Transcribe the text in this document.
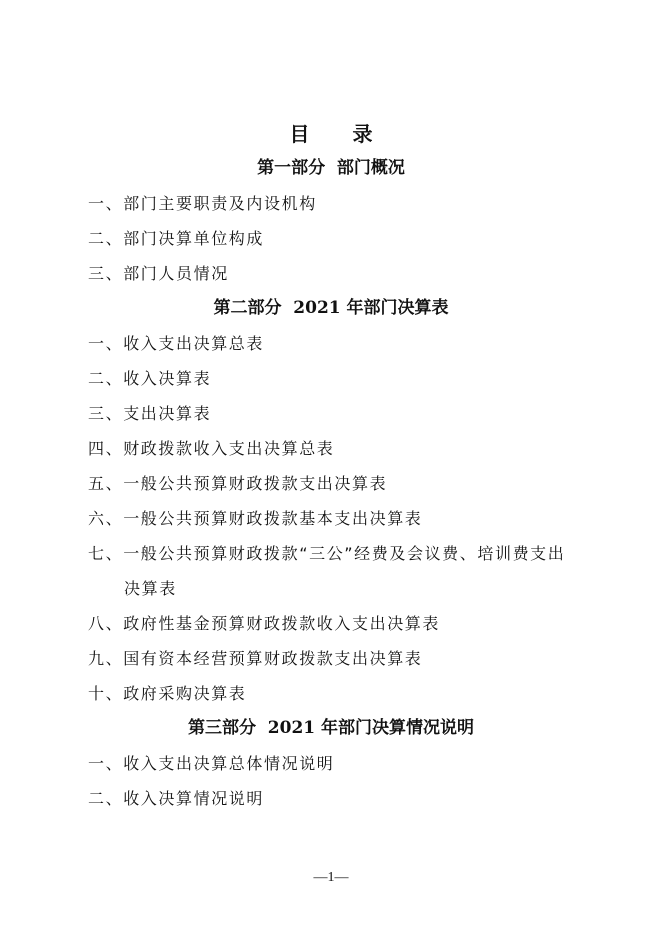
目 录
第一部分  部门概况
一、部门主要职责及内设机构
二、部门决算单位构成
三、部门人员情况
第二部分  2021 年部门决算表
一、收入支出决算总表
二、收入决算表
三、支出决算表
四、财政拨款收入支出决算总表
五、一般公共预算财政拨款支出决算表
六、一般公共预算财政拨款基本支出决算表
七、一般公共预算财政拨款“三公”经费及会议费、培训费支出
决算表
八、政府性基金预算财政拨款收入支出决算表
九、国有资本经营预算财政拨款支出决算表
十、政府采购决算表
第三部分  2021 年部门决算情况说明
一、收入支出决算总体情况说明
二、收入决算情况说明
—1—
